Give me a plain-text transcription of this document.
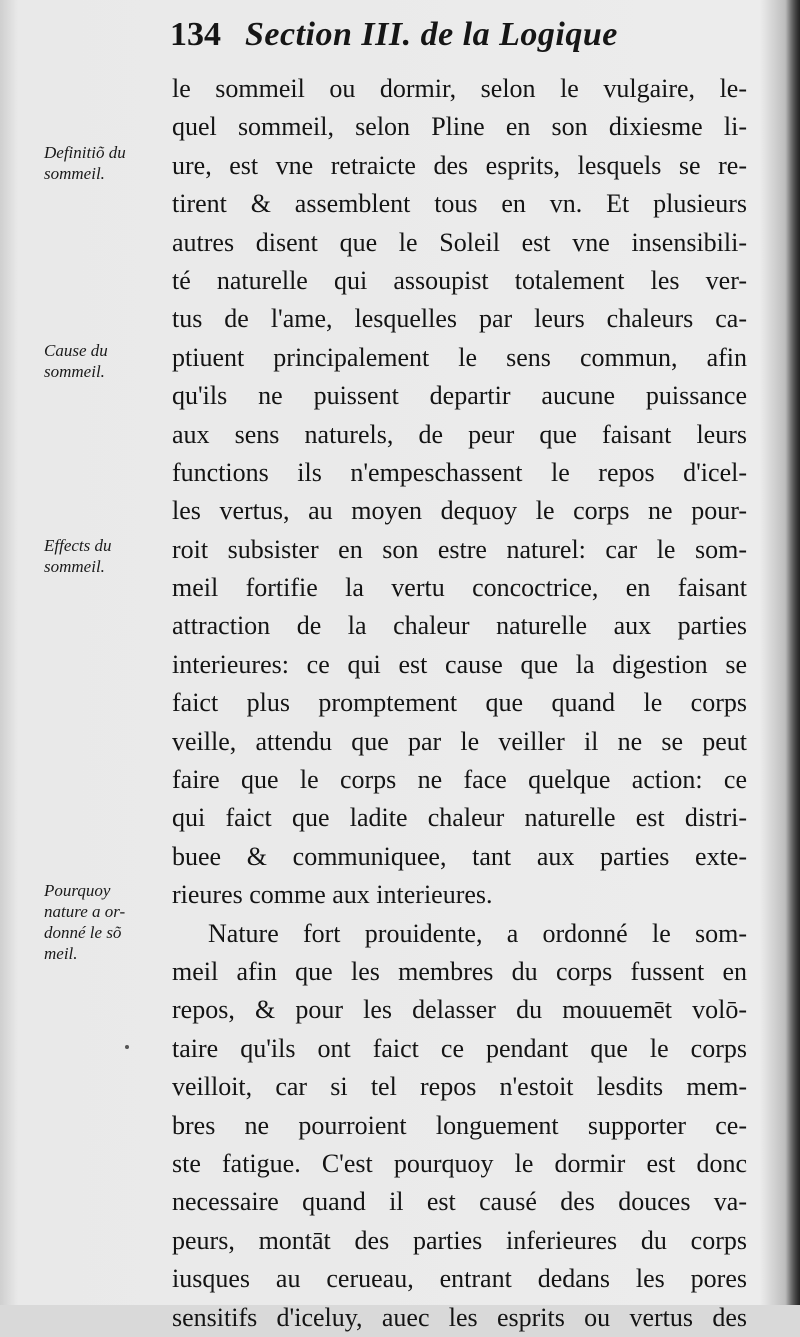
134 Section III. de la Logique
Definitiõ du
sommeil.
Cause du
sommeil.
Effects du
sommeil.
Pourquoy
nature a or-
donné le sõ
meil.
le sommeil ou dormir, selon le vulgaire, le-
quel sommeil, selon Pline en son dixiesme li-
ure, est vne retraicte des esprits, lesquels se re-
tirent & assemblent tous en vn. Et plusieurs
autres disent que le Soleil est vne insensibili-
té naturelle qui assoupist totalement les ver-
tus de l'ame, lesquelles par leurs chaleurs ca-
ptiuent principalement le sens commun, afin
qu'ils ne puissent departir aucune puissance
aux sens naturels, de peur que faisant leurs
functions ils n'empeschassent le repos d'icel-
les vertus, au moyen dequoy le corps ne pour-
roit subsister en son estre naturel: car le som-
meil fortifie la vertu concoctrice, en faisant
attraction de la chaleur naturelle aux parties
interieures: ce qui est cause que la digestion se
faict plus promptement que quand le corps
veille, attendu que par le veiller il ne se peut
faire que le corps ne face quelque action: ce
qui faict que ladite chaleur naturelle est distri-
buee & communiquee, tant aux parties exte-
rieures comme aux interieures.
Nature fort prouidente, a ordonné le som-
meil afin que les membres du corps fussent en
repos, & pour les delasser du mouuemēt volō-
taire qu'ils ont faict ce pendant que le corps
veilloit, car si tel repos n'estoit lesdits mem-
bres ne pourroient longuement supporter ce-
ste fatigue. C'est pourquoy le dormir est donc
necessaire quand il est causé des douces va-
peurs, montāt des parties inferieures du corps
iusques au cerueau, entrant dedans les pores
sensitifs d'iceluy, auec les esprits ou vertus des
